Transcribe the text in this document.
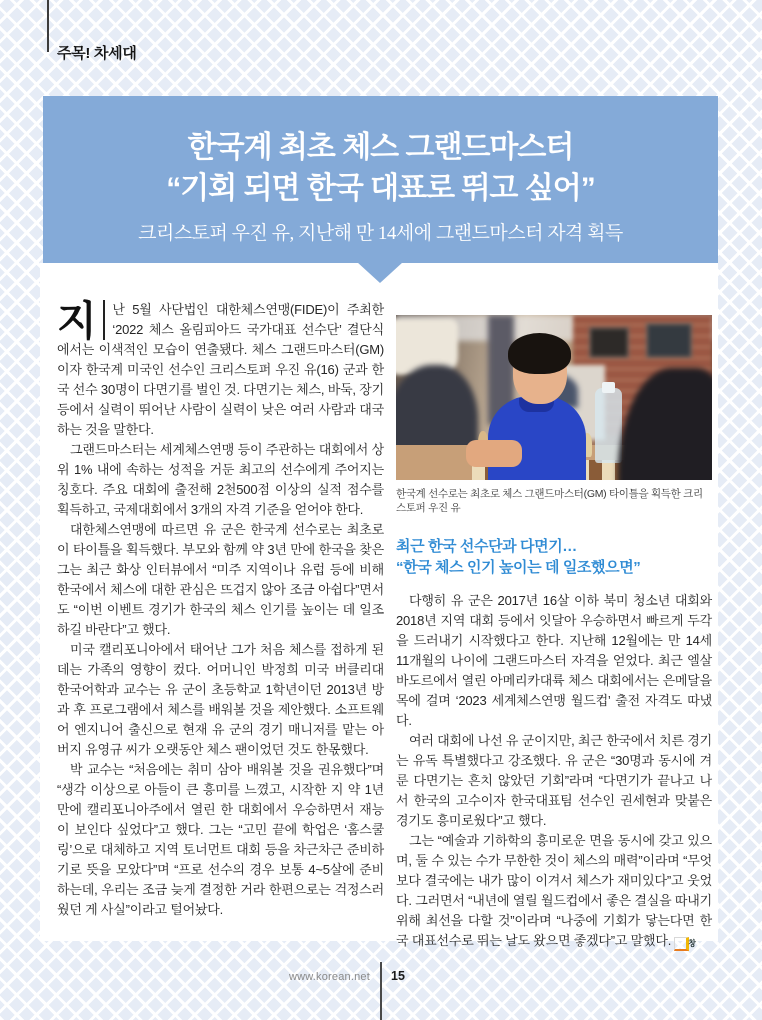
주목! 차세대
한국계 최초 체스 그랜드마스터
“기회 되면 한국 대표로 뛰고 싶어”
크리스토퍼 우진 유, 지난해 만 14세에 그랜드마스터 자격 획득

지	난 5월 사단법인 대한체스연맹(FIDE)이 주최한 ‘2022 체스 올림피아드 국가대표 선수단’ 결단식에서는 이색적인 모습이 연출됐다. 체스 그랜드마스터(GM)이자 한국계 미국인 선수인 크리스토퍼 우진 유(16) 군과 한국 선수 30명이 다면기를 벌인 것. 다면기는 체스, 바둑, 장기 등에서 실력이 뛰어난 사람이 실력이 낮은 여러 사람과 대국하는 것을 말한다.

그랜드마스터는 세계체스연맹 등이 주관하는 대회에서 상위 1% 내에 속하는 성적을 거둔 최고의 선수에게 주어지는 칭호다. 주요 대회에 출전해 2천500점 이상의 실적 점수를 획득하고, 국제대회에서 3개의 자격 기준을 얻어야 한다.

대한체스연맹에 따르면 유 군은 한국계 선수로는 최초로 이 타이틀을 획득했다. 부모와 함께 약 3년 만에 한국을 찾은 그는 최근 화상 인터뷰에서 “미주 지역이나 유럽 등에 비해 한국에서 체스에 대한 관심은 뜨겁지 않아 조금 아쉽다”면서도 “이번 이벤트 경기가 한국의 체스 인기를 높이는 데 일조하길 바란다”고 했다.

미국 캘리포니아에서 태어난 그가 처음 체스를 접하게 된 데는 가족의 영향이 컸다. 어머니인 박정희 미국 버클리대 한국어학과 교수는 유 군이 초등학교 1학년이던 2013년 방과 후 프로그램에서 체스를 배워볼 것을 제안했다. 소프트웨어 엔지니어 출신으로 현재 유 군의 경기 매니저를 맡는 아버지 유영규 씨가 오랫동안 체스 팬이었던 것도 한몫했다.

박 교수는 “처음에는 취미 삼아 배워볼 것을 권유했다”며 “생각 이상으로 아들이 큰 흥미를 느꼈고, 시작한 지 약 1년 만에 캘리포니아주에서 열린 한 대회에서 우승하면서 재능이 보인다 싶었다”고 했다. 그는 “고민 끝에 학업은 ‘홈스쿨링’으로 대체하고 지역 토너먼트 대회 등을 차근차근 준비하기로 뜻을 모았다”며 “프로 선수의 경우 보통 4~5살에 준비하는데, 우리는 조금 늦게 결정한 거라 한편으로는 걱정스러웠던 게 사실”이라고 털어놨다.

한국계 선수로는 최초로 체스 그랜드마스터(GM) 타이틀을 획득한 크리스토퍼 우진 유
최근 한국 선수단과 다면기…
“한국 체스 인기 높이는 데 일조했으면”

다행히 유 군은 2017년 16살 이하 북미 청소년 대회와 2018년 지역 대회 등에서 잇달아 우승하면서 빠르게 두각을 드러내기 시작했다고 한다. 지난해 12월에는 만 14세 11개월의 나이에 그랜드마스터 자격을 얻었다. 최근 엘살바도르에서 열린 아메리카대륙 체스 대회에서는 은메달을 목에 걸며 ‘2023 세계체스연맹 월드컵’ 출전 자격도 따냈다.

여러 대회에 나선 유 군이지만, 최근 한국에서 치른 경기는 유독 특별했다고 강조했다. 유 군은 “30명과 동시에 겨룬 다면기는 흔치 않았던 기회”라며 “다면기가 끝나고 나서 한국의 고수이자 한국대표팀 선수인 권세현과 맞붙은 경기도 흥미로웠다”고 했다.

그는 “예술과 기하학의 흥미로운 면을 동시에 갖고 있으며, 둘 수 있는 수가 무한한 것이 체스의 매력”이라며 “무엇보다 결국에는 내가 많이 이겨서 체스가 재미있다”고 웃었다. 그러면서 “내년에 열릴 월드컵에서 좋은 결실을 따내기 위해 최선을 다할 것”이라며 “나중에 기회가 닿는다면 한국 대표선수로 뛰는 날도 왔으면 좋겠다”고 말했다. 창

www.korean.net 15
